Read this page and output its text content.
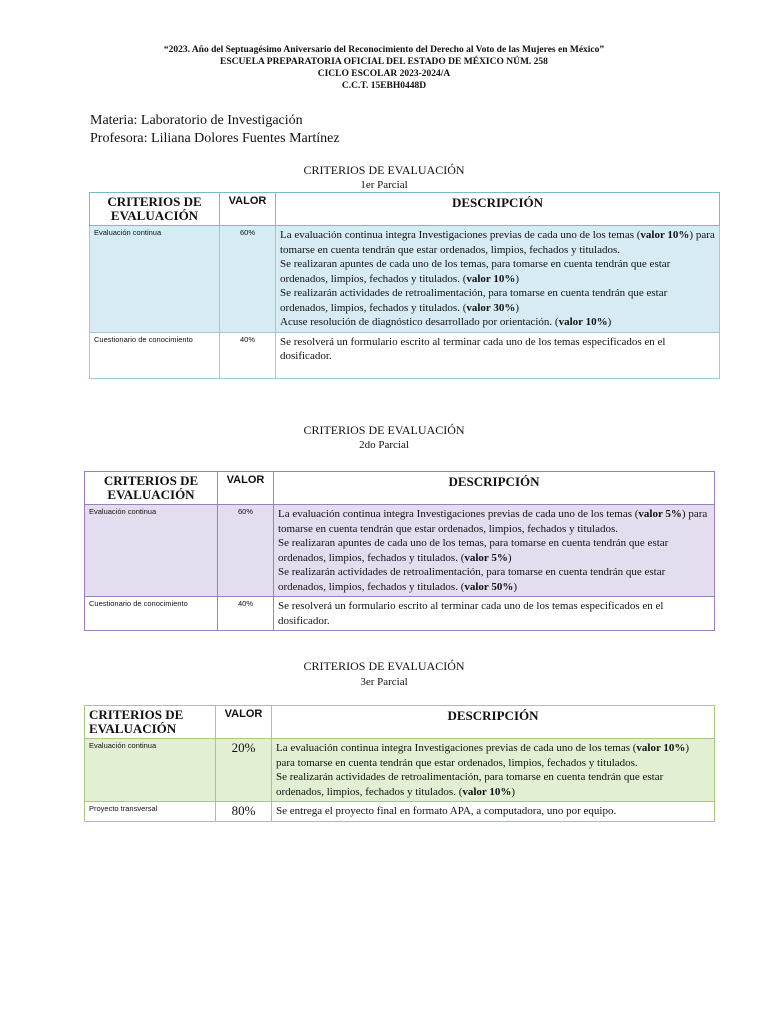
“2023. Año del Septuagésimo Aniversario del Reconocimiento del Derecho al Voto de las Mujeres en México”
ESCUELA PREPARATORIA OFICIAL DEL ESTADO DE MÉXICO NÚM. 258
CICLO ESCOLAR 2023-2024/A
C.C.T. 15EBH0448D
Materia: Laboratorio de Investigación
Profesora: Liliana Dolores Fuentes Martínez
CRITERIOS DE EVALUACIÓN
1er Parcial
CRITERIOS DE EVALUACIÓN	VALOR	DESCRIPCIÓN
Evaluación continua	60%	La evaluación continua integra Investigaciones previas de cada uno de los temas (valor 10%) para tomarse en cuenta tendrán que estar ordenados, limpios, fechados y titulados.
Se realizaran apuntes de cada uno de los temas, para tomarse en cuenta tendrán que estar ordenados, limpios, fechados y titulados. (valor 10%)
Se realizarán actividades de retroalimentación, para tomarse en cuenta tendrán que estar ordenados, limpios, fechados y titulados. (valor 30%)
Acuse resolución de diagnóstico desarrollado por orientación. (valor 10%)

Cuestionario de conocimiento	40%	Se resolverá un formulario escrito al terminar cada uno de los temas especificados en el dosificador.
CRITERIOS DE EVALUACIÓN
2do Parcial
CRITERIOS DE EVALUACIÓN	VALOR	DESCRIPCIÓN
Evaluación continua	60%	La evaluación continua integra Investigaciones previas de cada uno de los temas (valor 5%) para tomarse en cuenta tendrán que estar ordenados, limpios, fechados y titulados.
Se realizaran apuntes de cada uno de los temas, para tomarse en cuenta tendrán que estar ordenados, limpios, fechados y titulados. (valor 5%)
Se realizarán actividades de retroalimentación, para tomarse en cuenta tendrán que estar ordenados, limpios, fechados y titulados. (valor 50%)

Cuestionario de conocimiento	40%	Se resolverá un formulario escrito al terminar cada uno de los temas especificados en el dosificador.
CRITERIOS DE EVALUACIÓN
3er Parcial
CRITERIOS DE EVALUACIÓN	VALOR	DESCRIPCIÓN
Evaluación continua	20%	La evaluación continua integra Investigaciones previas de cada uno de los temas (valor 10%) para tomarse en cuenta tendrán que estar ordenados, limpios, fechados y titulados.
Se realizarán actividades de retroalimentación, para tomarse en cuenta tendrán que estar ordenados, limpios, fechados y titulados. (valor 10%)

Proyecto transversal	80%	Se entrega el proyecto final en formato APA, a computadora, uno por equipo.
